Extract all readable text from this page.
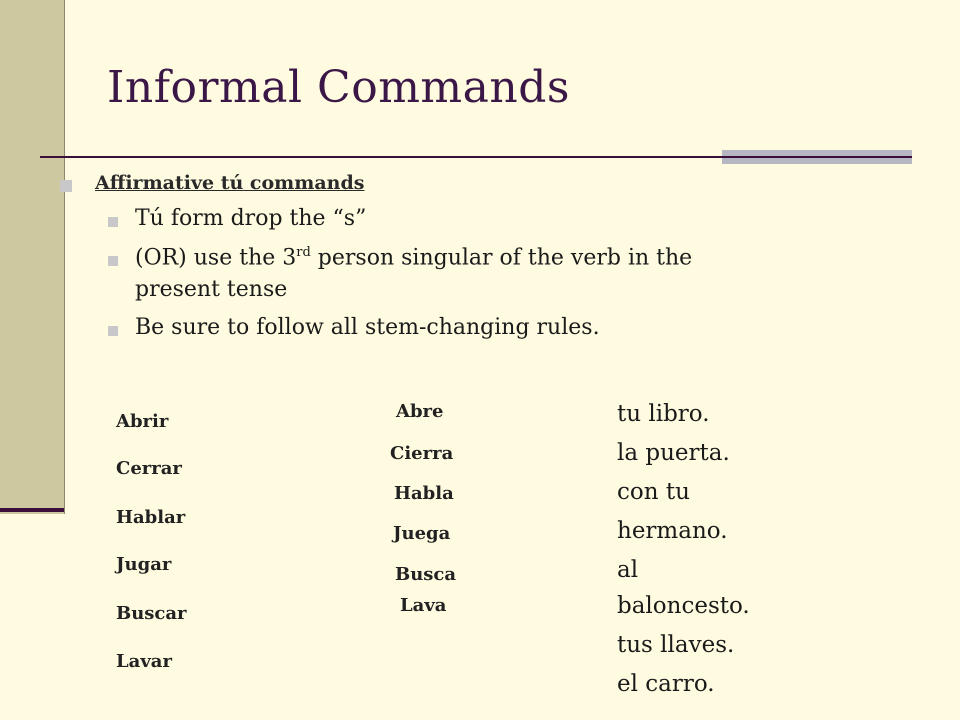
Informal Commands
Affirmative tú commands
Tú form drop the “s”
(OR) use the 3rd person singular of the verb in the
present tense
Be sure to follow all stem-changing rules.
Abrir
Cerrar
Hablar
Jugar
Buscar
Lavar
Abre
Cierra
Habla
Juega
Busca
Lava
tu libro.
la puerta.
con tu
hermano.
al
baloncesto.
tus llaves.
el carro.
